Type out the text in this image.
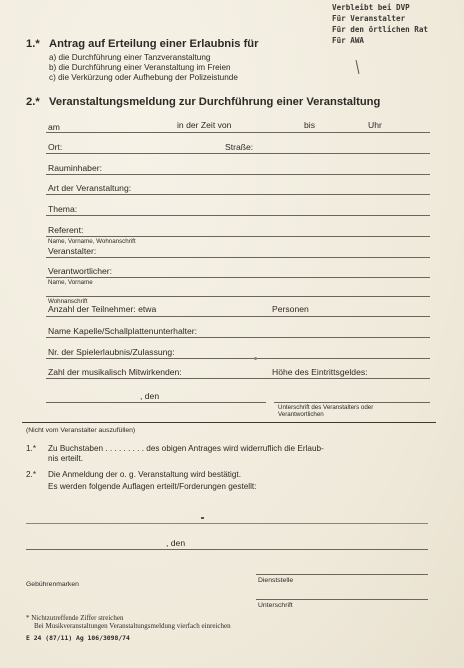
Verbleibt bei DVP
Für Veranstalter
Für den örtlichen Rat
Für AWA
1.* Antrag auf Erteilung einer Erlaubnis für
a) die Durchführung einer Tanzveranstaltung
b) die Durchführung einer Veranstaltung im Freien
c) die Verkürzung oder Aufhebung der Polizeistunde
2.* Veranstaltungsmeldung zur Durchführung einer Veranstaltung
am	in der Zeit von	bis	Uhr
Ort:	Straße:
Rauminhaber:
Art der Veranstaltung:
Thema:
Referent:
Name, Vorname, Wohnanschrift
Veranstalter:
Verantwortlicher:
Name, Vorname
Wohnanschrift
Anzahl der Teilnehmer: etwa	Personen
Name Kapelle/Schallplattenunterhalter:
Nr. der Spielerlaubnis/Zulassung:
Zahl der musikalisch Mitwirkenden:	Höhe des Eintrittsgeldes:
, den
Unterschrift des Veranstalters oder
Verantwortlichen
(Nicht vom Veranstalter auszufüllen)
1.* Zu Buchstaben . . . . . . . . . des obigen Antrages wird widerruflich die Erlaub-
nis erteilt.
2.* Die Anmeldung der o. g. Veranstaltung wird bestätigt.
Es werden folgende Auflagen erteilt/Forderungen gestellt:
, den
Gebührenmarken
Dienststelle
Unterschrift
* Nichtzutreffende Ziffer streichen
Bei Musikveranstaltungen Veranstaltungsmeldung vierfach einreichen
E 24 (87/11) Ag 106/3098/74
